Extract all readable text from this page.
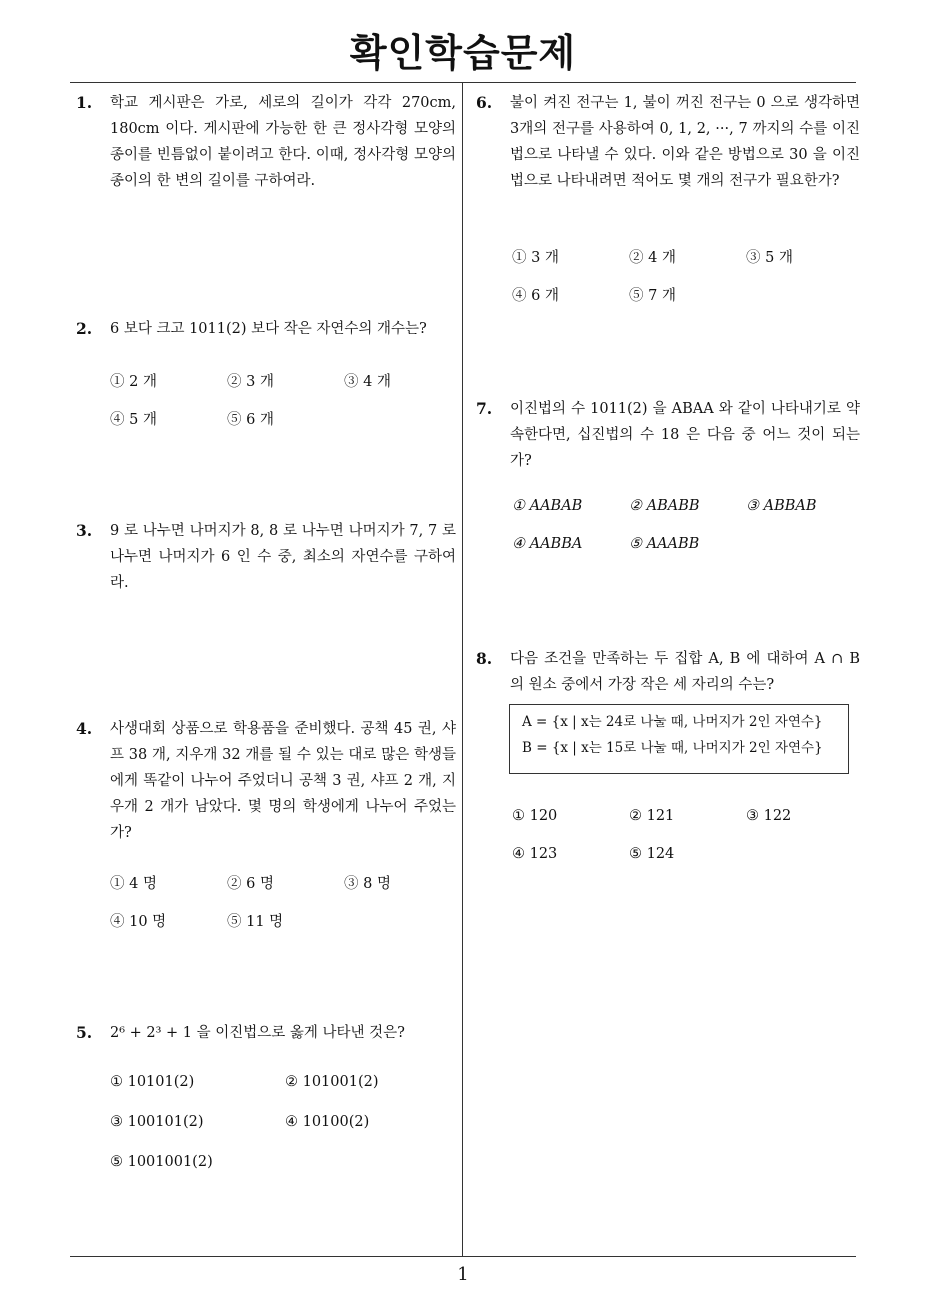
확인학습문제
1
1. 학교 게시판은 가로, 세로의 길이가 각각 270cm, 180cm 이다. 게시판에 가능한 한 큰 정사각형 모양의 종이를 빈틈없이 붙이려고 한다. 이때, 정사각형 모양의 종이의 한 변의 길이를 구하여라.
2. 6 보다 크고 1011(2) 보다 작은 자연수의 개수는?
① 2 개	② 3 개	③ 4 개
④ 5 개	⑤ 6 개
3. 9 로 나누면 나머지가 8, 8 로 나누면 나머지가 7, 7 로 나누면 나머지가 6 인 수 중, 최소의 자연수를 구하여라.
4. 사생대회 상품으로 학용품을 준비했다. 공책 45 권, 샤프 38 개, 지우개 32 개를 될 수 있는 대로 많은 학생들에게 똑같이 나누어 주었더니 공책 3 권, 샤프 2 개, 지우개 2 개가 남았다. 몇 명의 학생에게 나누어 주었는가?
① 4 명	② 6 명	③ 8 명
④ 10 명	⑤ 11 명
5. 2⁶ + 2³ + 1 을 이진법으로 옳게 나타낸 것은?
① 10101(2)	② 101001(2)
③ 100101(2)	④ 10100(2)
⑤ 1001001(2)
6. 불이 켜진 전구는 1, 불이 꺼진 전구는 0 으로 생각하면 3개의 전구를 사용하여 0, 1, 2, ···, 7 까지의 수를 이진법으로 나타낼 수 있다. 이와 같은 방법으로 30 을 이진법으로 나타내려면 적어도 몇 개의 전구가 필요한가?
① 3 개	② 4 개	③ 5 개
④ 6 개	⑤ 7 개
7. 이진법의 수 1011(2) 을 ABAA 와 같이 나타내기로 약속한다면, 십진법의 수 18 은 다음 중 어느 것이 되는가?
① AABAB	② ABABB	③ ABBAB
④ AABBA	⑤ AAABB
8. 다음 조건을 만족하는 두 집합 A, B 에 대하여 A ∩ B 의 원소 중에서 가장 작은 세 자리의 수는?
A = {x | x는 24로 나눌 때, 나머지가 2인 자연수}
B = {x | x는 15로 나눌 때, 나머지가 2인 자연수}
① 120	② 121	③ 122
④ 123	⑤ 124
